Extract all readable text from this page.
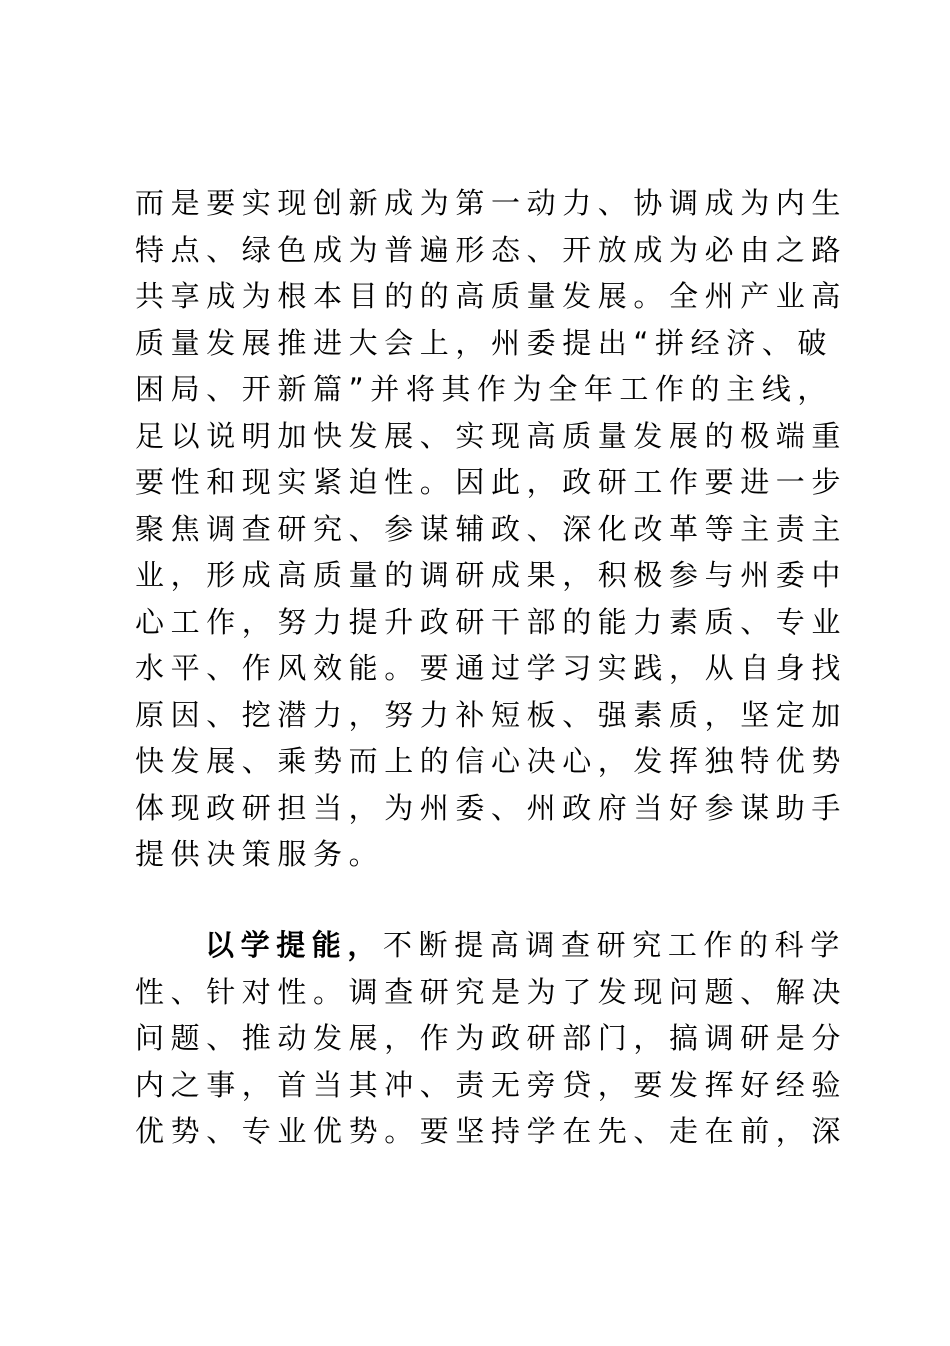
而是要实现创新成为第一动力、协调成为内生
特点、绿色成为普遍形态、开放成为必由之路
共享成为根本目的的高质量发展。全州产业高
质量发展推进大会上，州委提出“拼经济、破
困局、开新篇”并将其作为全年工作的主线，
足以说明加快发展、实现高质量发展的极端重
要性和现实紧迫性。因此，政研工作要进一步
聚焦调查研究、参谋辅政、深化改革等主责主
业，形成高质量的调研成果，积极参与州委中
心工作，努力提升政研干部的能力素质、专业
水平、作风效能。要通过学习实践，从自身找
原因、挖潜力，努力补短板、强素质，坚定加
快发展、乘势而上的信心决心，发挥独特优势
体现政研担当，为州委、州政府当好参谋助手
提供决策服务。
以学提能，不断提高调查研究工作的科学
性、针对性。调查研究是为了发现问题、解决
问题、推动发展，作为政研部门，搞调研是分
内之事，首当其冲、责无旁贷，要发挥好经验
优势、专业优势。要坚持学在先、走在前，深
